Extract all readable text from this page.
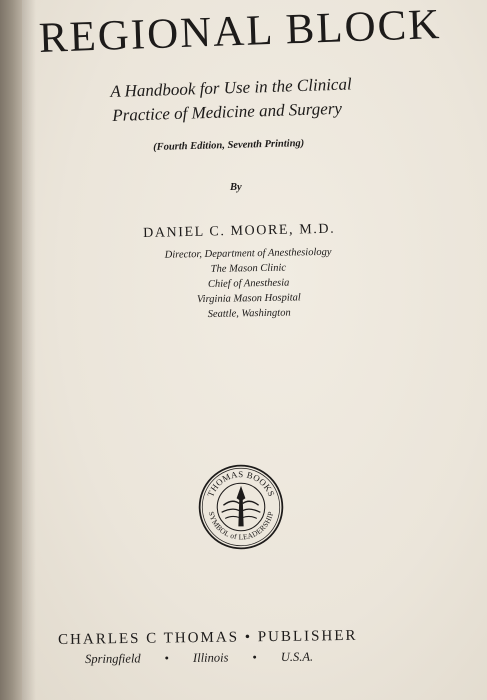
REGIONAL BLOCK
A Handbook for Use in the Clinical
Practice of Medicine and Surgery
(Fourth Edition, Seventh Printing)
By
DANIEL C. MOORE, M.D.
Director, Department of Anesthesiology
The Mason Clinic
Chief of Anesthesia
Virginia Mason Hospital
Seattle, Washington
THOMAS BOOKS
SYMBOL of LEADERSHIP
CHARLES C THOMAS • PUBLISHER
Springfield • Illinois • U.S.A.
